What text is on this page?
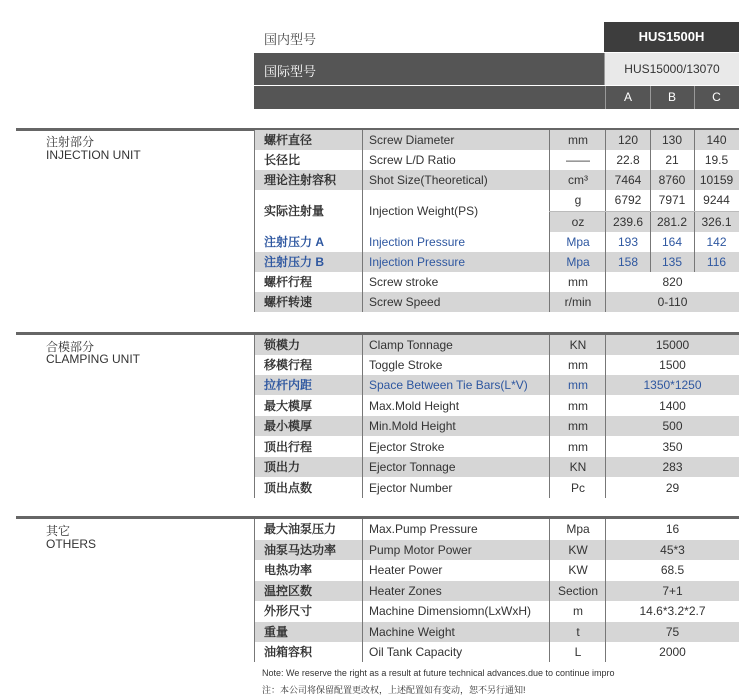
国内型号	HUS1500H
国际型号	HUS15000/13070
A	B	C
注射部分
INJECTION UNIT
螺杆直径	Screw Diameter	mm	120	130	140
长径比	Screw L/D Ratio	——	22.8	21	19.5
理论注射容积	Shot Size(Theoretical)	cm³	7464	8760	10159
实际注射量	Injection Weight(PS)
g	6792	7971	9244
oz	239.6	281.2	326.1
注射压力 A	Injection Pressure	Mpa	193	164	142
注射压力 B	Injection Pressure	Mpa	158	135	116
螺杆行程	Screw stroke	mm	820
螺杆转速	Screw Speed	r/min	0-110
合模部分
CLAMPING UNIT
锁模力	Clamp Tonnage	KN	15000
移模行程	Toggle Stroke	mm	1500
拉杆内距	Space Between Tie Bars(L*V)	mm	1350*1250
最大模厚	Max.Mold Height	mm	1400
最小模厚	Min.Mold Height	mm	500
顶出行程	Ejector Stroke	mm	350
顶出力	Ejector Tonnage	KN	283
顶出点数	Ejector Number	Pc	29
其它
OTHERS
最大油泵压力	Max.Pump Pressure	Mpa	16
油泵马达功率	Pump Motor Power	KW	45*3
电热功率	Heater Power	KW	68.5
温控区数	Heater Zones	Section	7+1
外形尺寸	Machine Dimensiomn(LxWxH)	m	14.6*3.2*2.7
重量	Machine Weight	t	75
油箱容积	Oil Tank Capacity	L	2000
Note: We reserve the right as a result at future technical advances.due to continue impro
注：本公司将保留配置更改权，上述配置如有变动，恕不另行通知!
